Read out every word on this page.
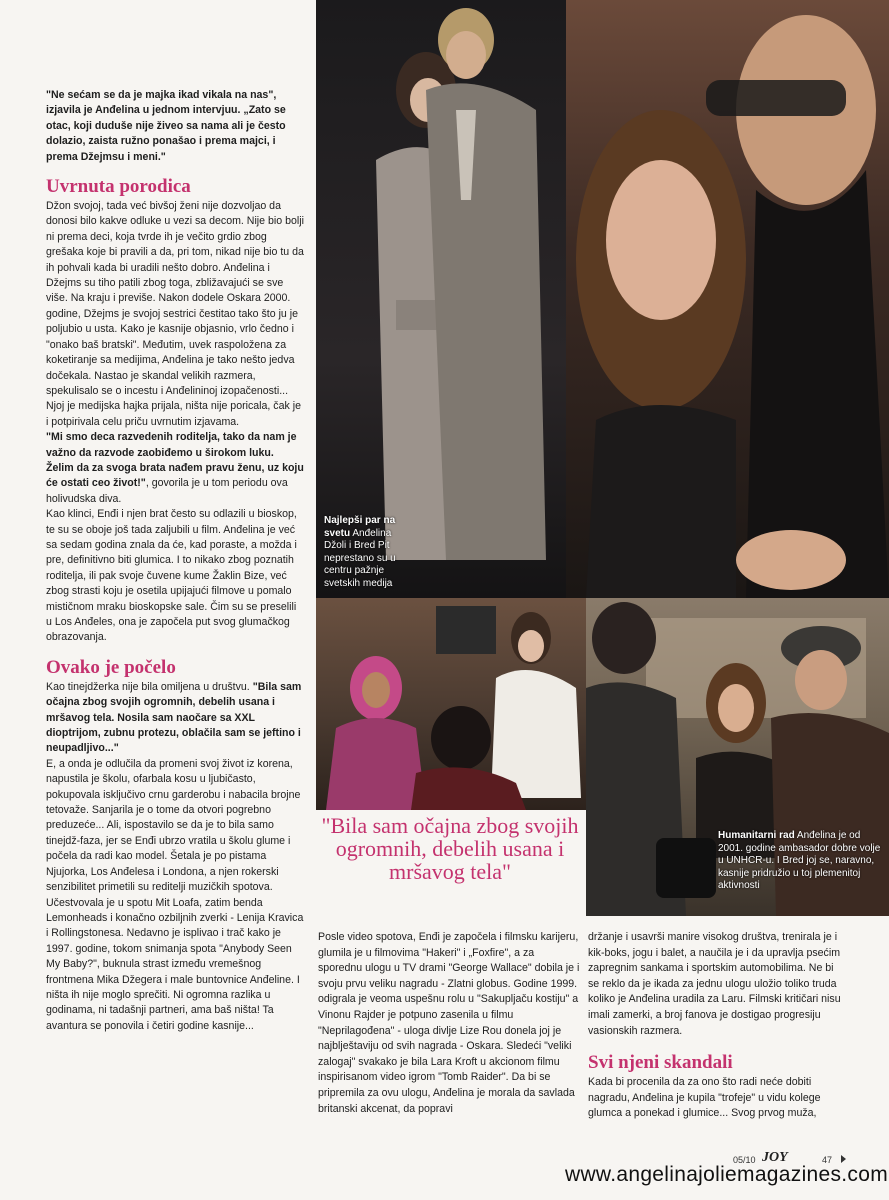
"Ne sećam se da je majka ikad vikala na nas", izjavila je Anđelina u jednom intervjuu. „Zato se otac, koji duduše nije živeo sa nama ali je često dolazio, zaista ružno ponašao i prema majci, i prema Džejmsu i meni."

Uvrnuta porodica

Džon svojoj, tada već bivšoj ženi nije dozvoljao da donosi bilo kakve odluke u vezi sa decom. Nije bio bolji ni prema deci, koja tvrde ih je večito grdio zbog grešaka koje bi pravili a da, pri tom, nikad nije bio tu da ih pohvali kada bi uradili nešto dobro. Anđelina i Džejms su tiho patili zbog toga, zbližavajući se sve više. Na kraju i previše. Nakon dodele Oskara 2000. godine, Džejms je svojoj sestrici čestitao tako što ju je poljubio u usta. Kako je kasnije objasnio, vrlo čedno i "onako baš bratski". Međutim, uvek raspoložena za koketiranje sa medijima, Anđelina je tako nešto jedva dočekala. Nastao je skandal velikih razmera, spekulisalo se o incestu i Anđelininoj izopačenosti... Njoj je medijska hajka prijala, ništa nije poricala, čak je i potpirivala celu priču uvrnutim izjavama.

"Mi smo deca razvedenih roditelja, tako da nam je važno da razvode zaobiđemo u širokom luku. Želim da za svoga brata nađem pravu ženu, uz koju će ostati ceo život!", govorila je u tom periodu ova holivudska diva.

Kao klinci, Enđi i njen brat često su odlazili u bioskop, te su se oboje još tada zaljubili u film. Anđelina je već sa sedam godina znala da će, kad poraste, a možda i pre, definitivno biti glumica. I to nikako zbog poznatih roditelja, ili pak svoje čuvene kume Žaklin Bize, već zbog strasti koju je osetila upijajući filmove u pomalo mističnom mraku bioskopske sale. Čim su se preselili u Los Anđeles, ona je započela put svog glumačkog obrazovanja.

Ovako je počelo

Kao tinejdžerka nije bila omiljena u društvu. "Bila sam očajna zbog svojih ogromnih, debelih usana i mršavog tela. Nosila sam naočare sa XXL dioptrijom, zubnu protezu, oblačila sam se jeftino i neupadljivo..."

E, a onda je odlučila da promeni svoj život iz korena, napustila je školu, ofarbala kosu u ljubičasto, pokupovala isključivo crnu garderobu i nabacila brojne tetovaže. Sanjarila je o tome da otvori pogrebno preduzeće... Ali, ispostavilo se da je to bila samo tinejdž-faza, jer se Enđi ubrzo vratila u školu glume i počela da radi kao model. Šetala je po pistama Njujorka, Los Anđelesa i Londona, a njen rokerski senzibilitet primetili su reditelji muzičkih spotova. Učestvovala je u spotu Mit Loafa, zatim benda Lemonheads i konačno ozbiljnih zverki - Lenija Kravica i Rollingstonesa. Nedavno je isplivao i trač kako je 1997. godine, tokom snimanja spota "Anybody Seen My Baby?", buknula strast između vremešnog frontmena Mika Džegera i male buntovnice Anđeline. I ništa ih nije moglo sprečiti. Ni ogromna razlika u godinama, ni tadašnji partneri, ama baš ništa! Ta avantura se ponovila i četiri godine kasnije...

Najlepši par na svetu Anđelina Džoli i Bred Pit neprestano su u centru pažnje svetskih medija
Humanitarni rad Anđelina je od 2001. godine ambasador dobre volje u UNHCR-u. I Bred joj se, naravno, kasnije pridružio u toj plemenitoj aktivnosti
"Bila sam očajna zbog svojih ogromnih, debelih usana i mršavog tela"
Posle video spotova, Enđi je započela i filmsku karijeru, glumila je u filmovima "Hakeri" i „Foxfire", a za sporednu ulogu u TV drami "George Wallace" dobila je i svoju prvu veliku nagradu - Zlatni globus. Godine 1999. odigrala je veoma uspešnu rolu u "Sakupljaču kostiju" a Vinonu Rajder je potpuno zasenila u filmu "Neprilagođena" - uloga divlje Lize Rou donela joj je najblještaviju od svih nagrada - Oskara. Sledeći "veliki zalogaj" svakako je bila Lara Kroft u akcionom filmu inspirisanom video igrom "Tomb Raider". Da bi se pripremila za ovu ulogu, Anđelina je morala da savlada britanski akcenat, da popravi
držanje i usavrši manire visokog društva, trenirala je i kik-boks, jogu i balet, a naučila je i da upravlja psećim zapregnim sankama i sportskim automobilima. Ne bi se reklo da je ikada za jednu ulogu uložio toliko truda koliko je Anđelina uradila za Laru. Filmski kritičari nisu imali zamerki, a broj fanova je dostigao progresiju vasionskih razmera.
Svi njeni skandali
Kada bi procenila da za ono što radi neće dobiti nagradu, Anđelina je kupila "trofeje" u vidu kolege glumca a ponekad i glumice... Svog prvog muža,
05/10 JOY	47
www.angelinajoliemagazines.com
